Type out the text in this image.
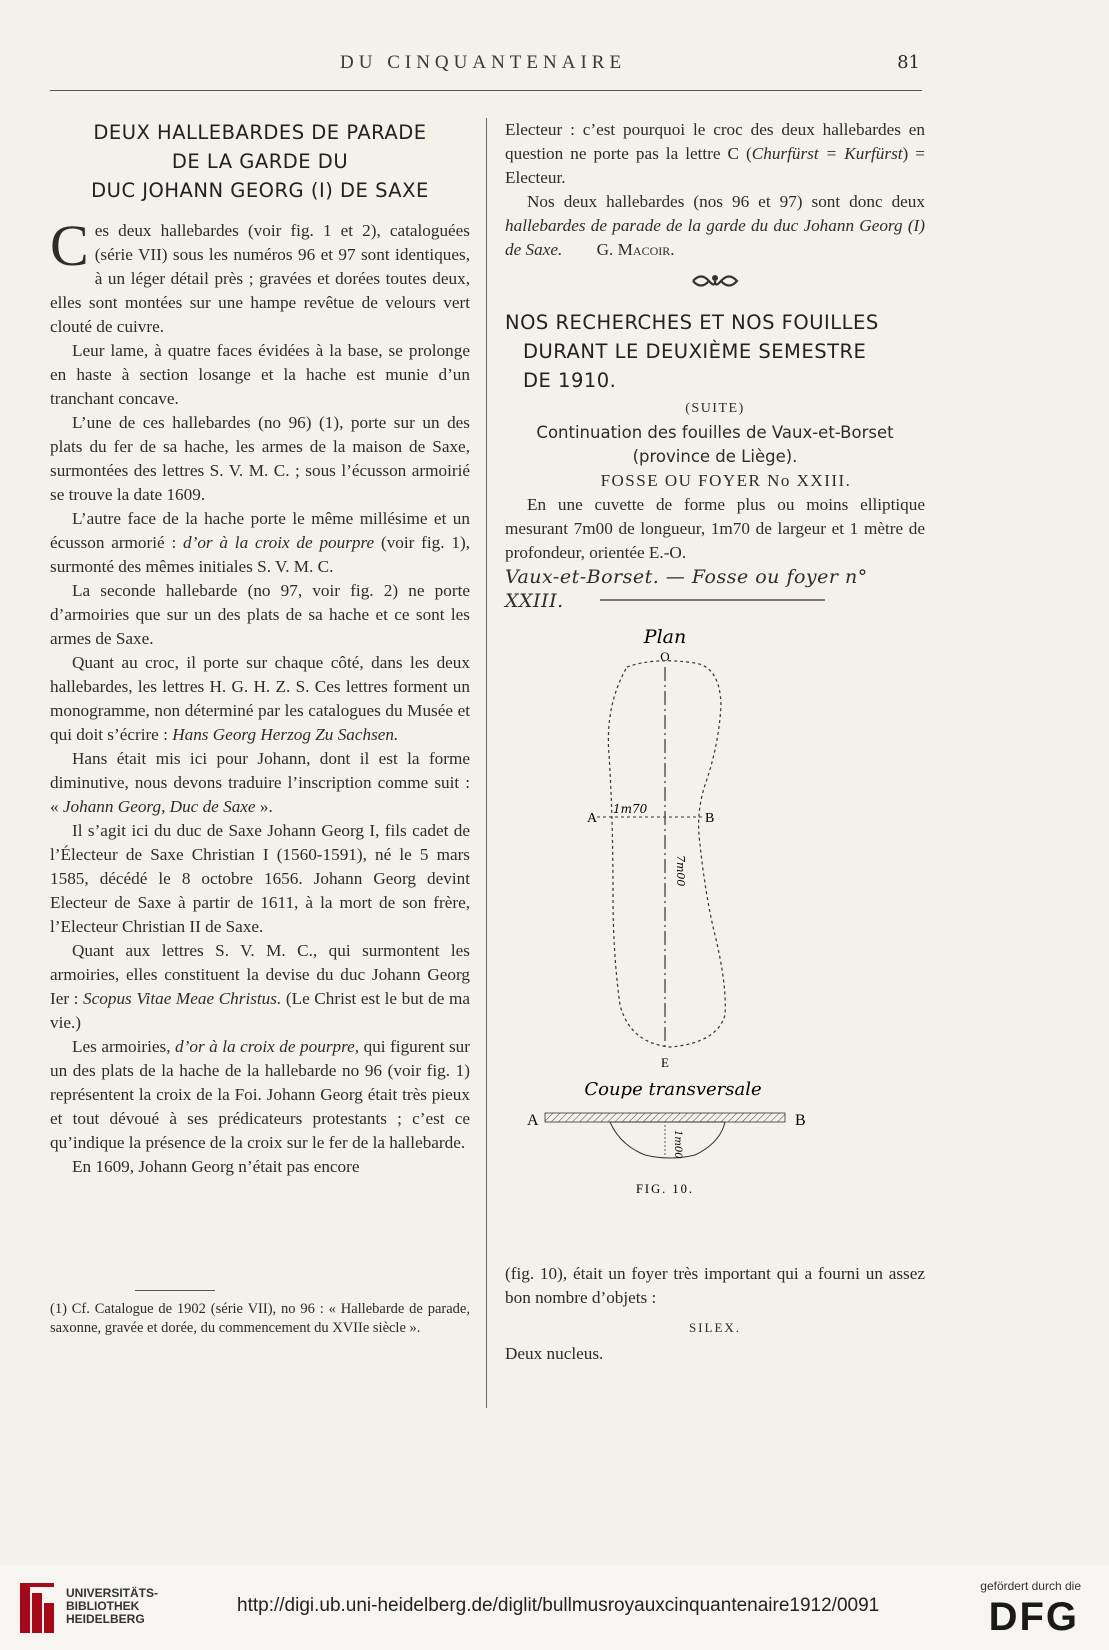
DU CINQUANTENAIRE	81
DEUX HALLEBARDES DE PARADE
DE LA GARDE DU
DUC JOHANN GEORG (I) DE SAXE

Ces deux hallebardes (voir fig. 1 et 2), cataloguées (série VII) sous les numéros 96 et 97 sont identiques, à un léger détail près ; gravées et dorées toutes deux, elles sont montées sur une hampe revêtue de velours vert clouté de cuivre.

Leur lame, à quatre faces évidées à la base, se prolonge en haste à section losange et la hache est munie d’un tranchant concave.

L’une de ces hallebardes (no 96) (1), porte sur un des plats du fer de sa hache, les armes de la maison de Saxe, surmontées des lettres S. V. M. C. ; sous l’écusson armoirié se trouve la date 1609.

L’autre face de la hache porte le même millésime et un écusson armorié : d’or à la croix de pourpre (voir fig. 1), surmonté des mêmes initiales S. V. M. C.

La seconde hallebarde (no 97, voir fig. 2) ne porte d’armoiries que sur un des plats de sa hache et ce sont les armes de Saxe.

Quant au croc, il porte sur chaque côté, dans les deux hallebardes, les lettres H. G. H. Z. S. Ces lettres forment un monogramme, non déterminé par les catalogues du Musée et qui doit s’écrire : Hans Georg Herzog Zu Sachsen.

Hans était mis ici pour Johann, dont il est la forme diminutive, nous devons traduire l’inscription comme suit : « Johann Georg, Duc de Saxe ».

Il s’agit ici du duc de Saxe Johann Georg I, fils cadet de l’Électeur de Saxe Christian I (1560-1591), né le 5 mars 1585, décédé le 8 octobre 1656. Johann Georg devint Electeur de Saxe à partir de 1611, à la mort de son frère, l’Electeur Christian II de Saxe.

Quant aux lettres S. V. M. C., qui surmontent les armoiries, elles constituent la devise du duc Johann Georg Ier : Scopus Vitae Meae Christus. (Le Christ est le but de ma vie.)

Les armoiries, d’or à la croix de pourpre, qui figurent sur un des plats de la hache de la hallebarde no 96 (voir fig. 1) représentent la croix de la Foi. Johann Georg était très pieux et tout dévoué à ses prédicateurs protestants ; c’est ce qu’indique la présence de la croix sur le fer de la hallebarde.

En 1609, Johann Georg n’était pas encore

(1) Cf. Catalogue de 1902 (série VII), no 96 : « Hallebarde de parade, saxonne, gravée et dorée, du commencement du XVIIe siècle ».

Electeur : c’est pourquoi le croc des deux hallebardes en question ne porte pas la lettre C (Churfürst = Kurfürst) = Electeur.

Nos deux hallebardes (nos 96 et 97) sont donc deux hallebardes de parade de la garde du duc Johann Georg (I) de Saxe. G. Macoir.

NOS RECHERCHES ET NOS FOUILLES
DURANT LE DEUXIÈME SEMESTRE
DE 1910.

(SUITE)

Continuation des fouilles de Vaux-et-Borset
(province de Liège).

FOSSE OU FOYER No XXIII.

En une cuvette de forme plus ou moins elliptique mesurant 7m00 de longueur, 1m70 de largeur et 1 mètre de profondeur, orientée E.-O.

Vaux-et-Borset. — Fosse ou foyer n° XXIII.

Plan
O
A	B
1m70
7m00
E
Coupe transversale
A	B
1m00
FIG. 10.

(fig. 10), était un foyer très important qui a fourni un assez bon nombre d’objets :

SILEX.

Deux nucleus.

UNIVERSITÄTS-
BIBLIOTHEK
HEIDELBERG
http://digi.ub.uni-heidelberg.de/diglit/bullmusroyauxcinquantenaire1912/0091
gefördert durch die
DFG
